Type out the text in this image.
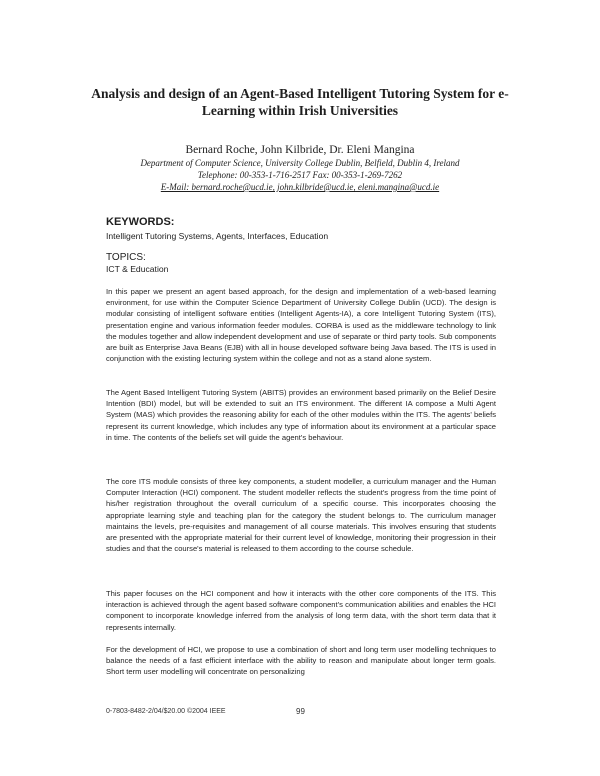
Analysis and design of an Agent-Based Intelligent Tutoring System for e-Learning within Irish Universities
Bernard Roche, John Kilbride, Dr. Eleni Mangina
Department of Computer Science, University College Dublin, Belfield, Dublin 4, Ireland
Telephone: 00-353-1-716-2517 Fax: 00-353-1-269-7262
E-Mail: bernard.roche@ucd.ie, john.kilbride@ucd.ie, eleni.mangina@ucd.ie
KEYWORDS:
Intelligent Tutoring Systems, Agents, Interfaces, Education
TOPICS:
ICT & Education

In this paper we present an agent based approach, for the design and implementation of a web-based learning environment, for use within the Computer Science Department of University College Dublin (UCD). The design is modular consisting of intelligent software entities (Intelligent Agents-IA), a core Intelligent Tutoring System (ITS), presentation engine and various information feeder modules. CORBA is used as the middleware technology to link the modules together and allow independent development and use of separate or third party tools. Sub components are built as Enterprise Java Beans (EJB) with all in house developed software being Java based. The ITS is used in conjunction with the existing lecturing system within the college and not as a stand alone system.

The Agent Based Intelligent Tutoring System (ABITS) provides an environment based primarily on the Belief Desire Intention (BDI) model, but will be extended to suit an ITS environment. The different IA compose a Multi Agent System (MAS) which provides the reasoning ability for each of the other modules within the ITS. The agents' beliefs represent its current knowledge, which includes any type of information about its environment at a particular space in time. The contents of the beliefs set will guide the agent's behaviour.

The core ITS module consists of three key components, a student modeller, a curriculum manager and the Human Computer Interaction (HCI) component. The student modeller reflects the student's progress from the time point of his/her registration throughout the overall curriculum of a specific course. This incorporates choosing the appropriate learning style and teaching plan for the category the student belongs to. The curriculum manager maintains the levels, pre-requisites and management of all course materials. This involves ensuring that students are presented with the appropriate material for their current level of knowledge, monitoring their progression in their studies and that the course's material is released to them according to the course schedule.

This paper focuses on the HCI component and how it interacts with the other core components of the ITS. This interaction is achieved through the agent based software component's communication abilities and enables the HCI component to incorporate knowledge inferred from the analysis of long term data, with the short term data that it represents internally.

For the development of HCI, we propose to use a combination of short and long term user modelling techniques to balance the needs of a fast efficient interface with the ability to reason and manipulate about longer term goals. Short term user modelling will concentrate on personalizing

0-7803-8482-2/04/$20.00 ©2004 IEEE	99
